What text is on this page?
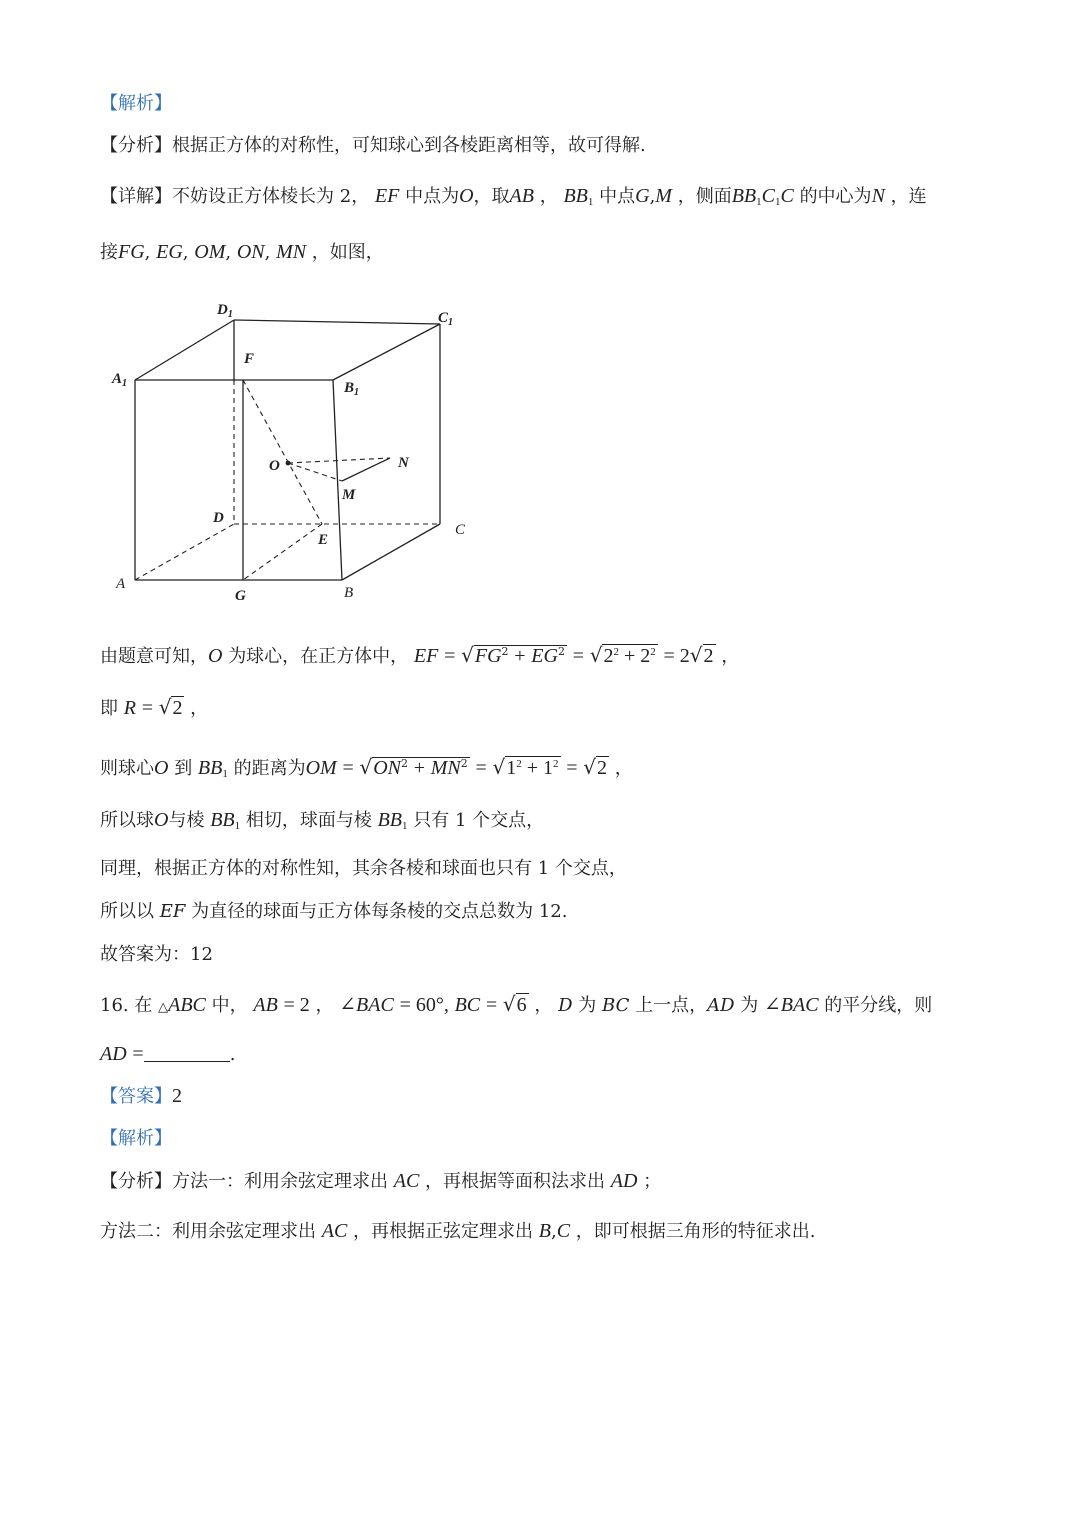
【解析】
【分析】根据正方体的对称性，可知球心到各棱距离相等，故可得解.
【详解】不妨设正方体棱长为 2， EF 中点为O，取AB ， $BB_1$ 中点G,M ，侧面$BB_1C_1C$ 的中心为N ，连
接FG, EG, OM, ON, MN ，如图，
$D_1$	$C_1$
$A_1$	$B_1$
F
O	N
M
D
E
C
A
G	B
由题意可知，O 为球心，在正方体中， EF = $√FG^2 + EG^2 = √2^2 + 2^2 = 2√2$ ，
即 R = √2 ，
则球心O 到 $BB_1$ 的距离为OM = $√ON^2 + MN^2 = √1^2 + 1^2 = √2$ ，
所以球O与棱 $BB_1$ 相切，球面与棱 $BB_1$ 只有 1 个交点，
同理，根据正方体的对称性知，其余各棱和球面也只有 1 个交点，
所以以 EF 为直径的球面与正方体每条棱的交点总数为 12.
故答案为：12
16. 在 △ABC 中， AB = 2 ， ∠BAC = 60°, BC = √6 ， D 为 BC 上一点，AD 为 ∠BAC 的平分线，则
AD =	.
【答案】2
【解析】
【分析】方法一：利用余弦定理求出 AC ，再根据等面积法求出 AD ；
方法二：利用余弦定理求出 AC ，再根据正弦定理求出 B,C ，即可根据三角形的特征求出.
